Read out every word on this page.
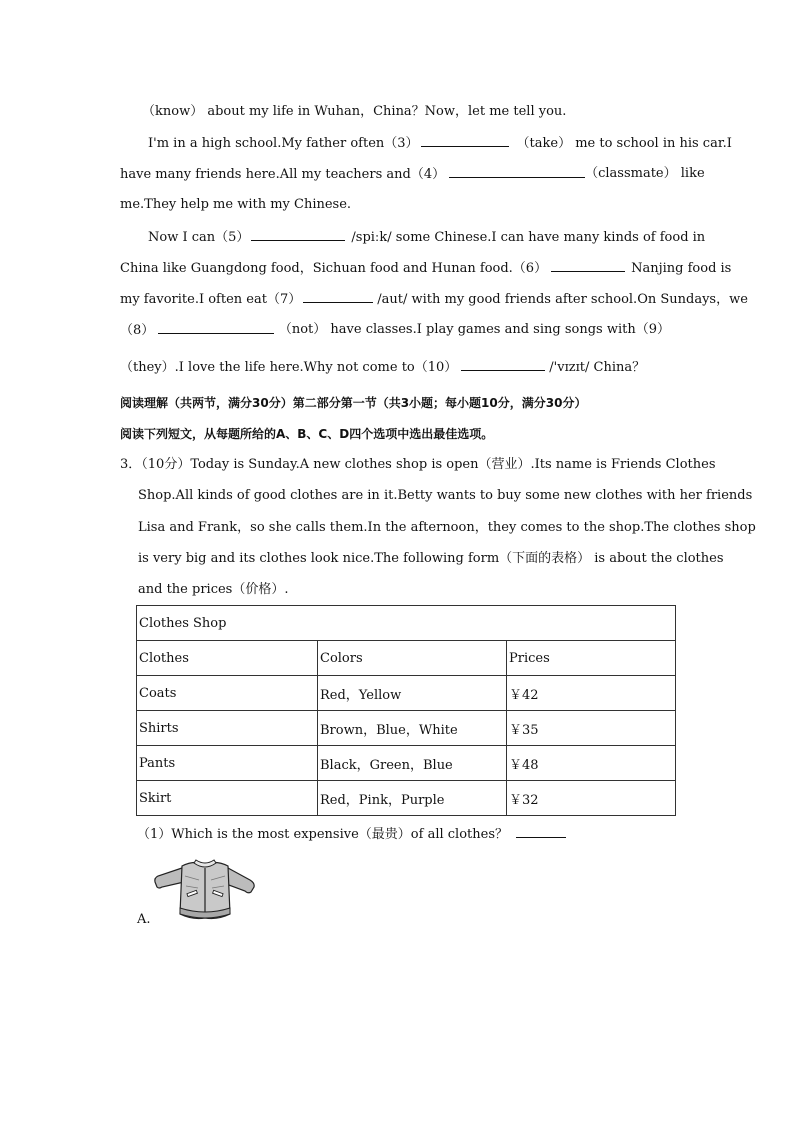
（know） about my life in Wuhan，China？Now，let me tell you.
I'm in a high school.My father often（3）	（take） me to school in his car.I
have many friends here.All my teachers and（4）	（classmate） like
me.They help me with my Chinese.
Now I can（5）	/spiːk/ some Chinese.I can have many kinds of food in
China like Guangdong food，Sichuan food and Hunan food.（6）	Nanjing food is
my favorite.I often eat（7）	/aut/ with my good friends after school.On Sundays，we
（8）	（not） have classes.I play games and sing songs with（9）
（they）.I love the life here.Why not come to（10）	/'vɪzɪt/ China？
阅读理解（共两节，满分30分）第二部分第一节（共3小题；每小题10分，满分30分）
阅读下列短文，从每题所给的A、B、C、D四个选项中选出最佳选项。
3．（10分）Today is Sunday.A new clothes shop is open（营业）.Its name is Friends Clothes
Shop.All kinds of good clothes are in it.Betty wants to buy some new clothes with her friends
Lisa and Frank，so she calls them.In the afternoon，they comes to the shop.The clothes shop
is very big and its clothes look nice.The following form（下面的表格） is about the clothes
and the prices（价格）.
Clothes Shop		
Clothes	Colors	Prices
Coats	Red，Yellow	￥42
Shirts	Brown，Blue，White	￥35
Pants	Black，Green，Blue	￥48
Skirt	Red，Pink，Purple	￥32
（1）Which is the most expensive（最贵）of all clothes？
A.
